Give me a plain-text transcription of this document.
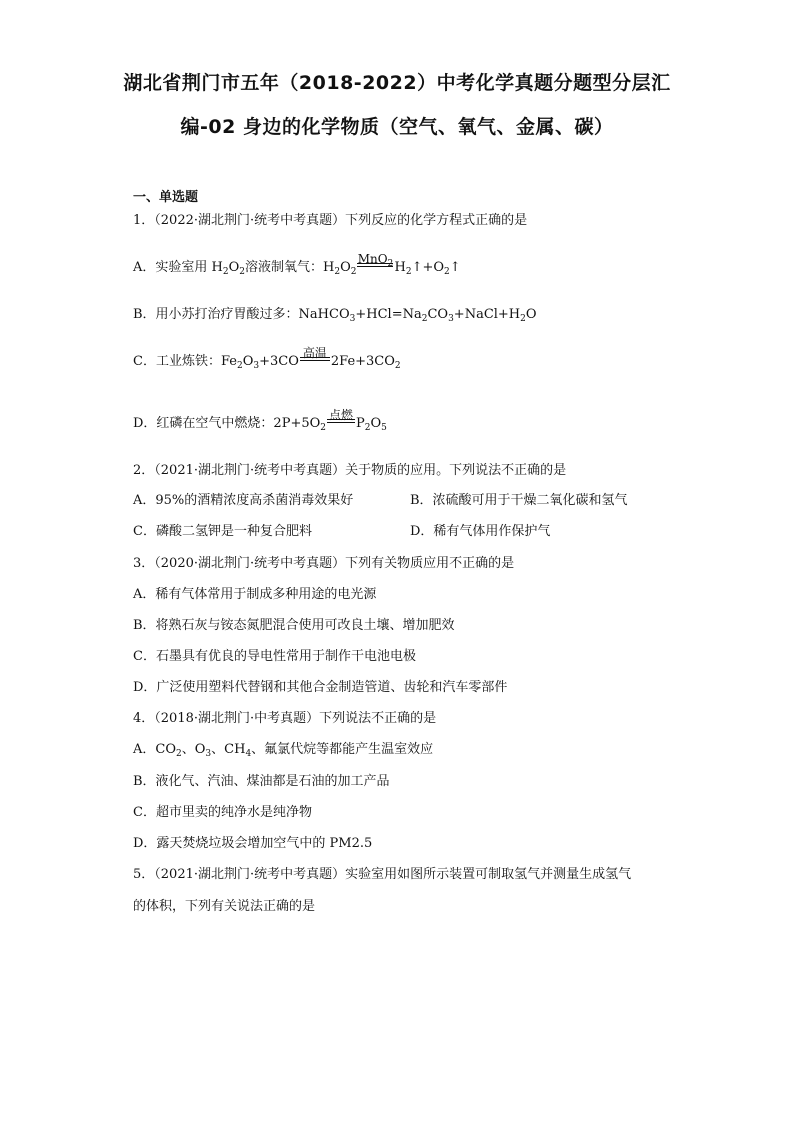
湖北省荆门市五年（2018-2022）中考化学真题分题型分层汇
编-02 身边的化学物质（空气、氧气、金属、碳）
一、单选题
1．（2022·湖北荆门·统考中考真题）下列反应的化学方程式正确的是
A．实验室用 $H_2O_2$溶液制氧气：$H_2O_2$
MnO$_2$ $H_2↑+O_2↑$
B．用小苏打治疗胃酸过多：$NaHCO_3+HCl=Na_2CO_3+NaCl+H_2O$
C．工业炼铁：$Fe_2O_3+3CO$
高温
$2Fe+3CO_2$
D．红磷在空气中燃烧：$2P+5O_2$
点燃
$P_2O_5$
2．（2021·湖北荆门·统考中考真题）关于物质的应用。下列说法不正确的是
A．95%的酒精浓度高杀菌消毒效果好	B．浓硫酸可用于干燥二氧化碳和氢气
C．磷酸二氢钾是一种复合肥料	D．稀有气体用作保护气
3．（2020·湖北荆门·统考中考真题）下列有关物质应用不正确的是
A．稀有气体常用于制成多种用途的电光源
B．将熟石灰与铵态氮肥混合使用可改良土壤、增加肥效
C．石墨具有优良的导电性常用于制作干电池电极
D．广泛使用塑料代替钢和其他合金制造管道、齿轮和汽车零部件
4．（2018·湖北荆门·中考真题）下列说法不正确的是
A．$CO_2$、$O_3$、$CH_4$、氟氯代烷等都能产生温室效应
B．液化气、汽油、煤油都是石油的加工产品
C．超市里卖的纯净水是纯净物
D．露天焚烧垃圾会增加空气中的 PM2.5
5．（2021·湖北荆门·统考中考真题）实验室用如图所示装置可制取氢气并测量生成氢气
的体积，下列有关说法正确的是
